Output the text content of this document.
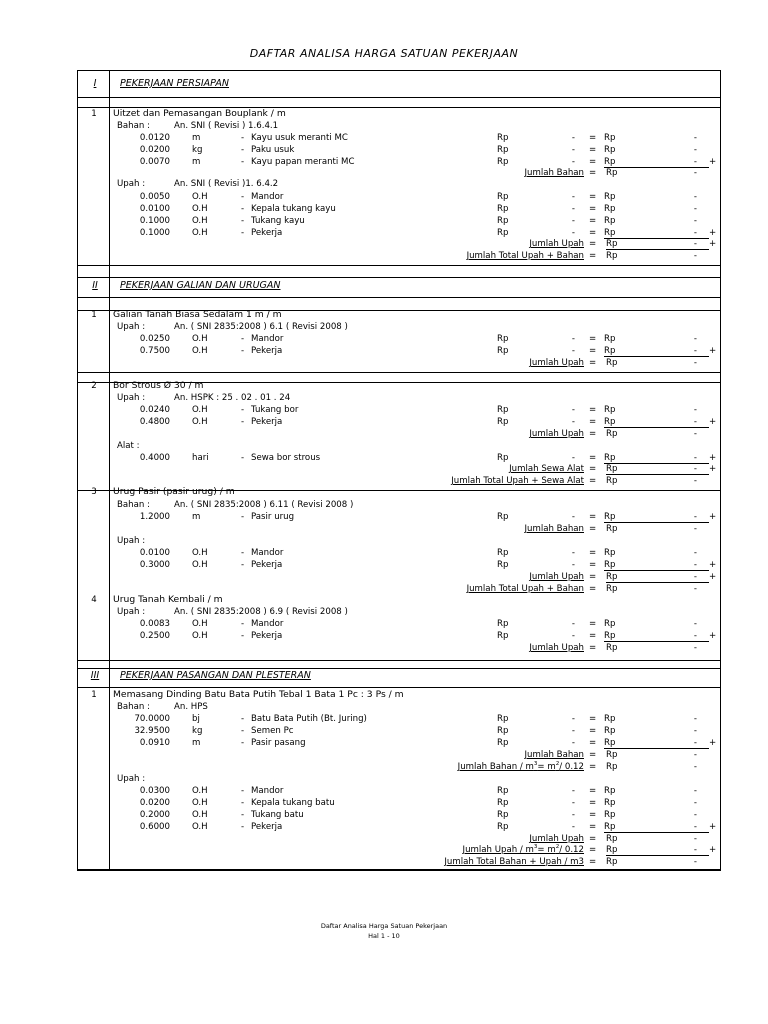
DAFTAR ANALISA HARGA SATUAN PEKERJAAN
I	PEKERJAAN PERSIAPAN
1	Uitzet dan Pemasangan Bouplank / m
Bahan :	An. SNI ( Revisi ) 1.6.4.1
0.0120	m	- Kayu usuk meranti MC	Rp	- = Rp	-
0.0200	kg	- Paku usuk	Rp	- = Rp	-
0.0070	m	- Kayu papan meranti MC	Rp	- = Rp	- +
Jumlah Bahan = Rp	-
Upah :	An. SNI ( Revisi )1. 6.4.2
0.0050	O.H	- Mandor	Rp	- = Rp	-
0.0100	O.H	- Kepala tukang kayu	Rp	- = Rp	-
0.1000	O.H	- Tukang kayu	Rp	- = Rp	-
0.1000	O.H	- Pekerja	Rp	- = Rp	- +
Jumlah Upah = Rp	- +
Jumlah Total Upah + Bahan = Rp	-
II	PEKERJAAN GALIAN DAN URUGAN
1	Galian Tanah Biasa Sedalam 1 m / m
Upah :	An. ( SNI 2835:2008 ) 6.1 ( Revisi 2008 )
0.0250	O.H	- Mandor	Rp	- = Rp	-
0.7500	O.H	- Pekerja	Rp	- = Rp	- +
Jumlah Upah = Rp	-
2	Bor Strous Ø 30 / m
Upah :	An. HSPK : 25 . 02 . 01 . 24
0.0240	O.H	- Tukang bor	Rp	- = Rp	-
0.4800	O.H	- Pekerja	Rp	- = Rp	- +
Jumlah Upah = Rp	-
Alat :
0.4000	hari	- Sewa bor strous	Rp	- = Rp	- +
Jumlah Sewa Alat = Rp	- +
Jumlah Total Upah + Sewa Alat = Rp	-
3	Urug Pasir (pasir urug) / m
Bahan :	An. ( SNI 2835:2008 ) 6.11 ( Revisi 2008 )
1.2000	m	- Pasir urug	Rp	- = Rp	- +
Jumlah Bahan = Rp	-
Upah :
0.0100	O.H	- Mandor	Rp	- = Rp	-
0.3000	O.H	- Pekerja	Rp	- = Rp	- +
Jumlah Upah = Rp	- +
Jumlah Total Upah + Bahan = Rp	-
4	Urug Tanah Kembali / m
Upah :	An. ( SNI 2835:2008 ) 6.9 ( Revisi 2008 )
0.0083	O.H	- Mandor	Rp	- = Rp	-
0.2500	O.H	- Pekerja	Rp	- = Rp	- +
Jumlah Upah = Rp	-
III	PEKERJAAN PASANGAN DAN PLESTERAN
1	Memasang Dinding Batu Bata Putih Tebal 1 Bata 1 Pc : 3 Ps / m
Bahan :	An. HPS
70.0000	bj	- Batu Bata Putih (Bt. Juring)	Rp	- = Rp	-
32.9500	kg	- Semen Pc	Rp	- = Rp	-
0.0910	m	- Pasir pasang	Rp	- = Rp	- +
Jumlah Bahan = Rp	-
Jumlah Bahan / $m^3= m^2/$ 0.12 = Rp	-
Upah :
0.0300	O.H	- Mandor	Rp	- = Rp	-
0.0200	O.H	- Kepala tukang batu	Rp	- = Rp	-
0.2000	O.H	- Tukang batu	Rp	- = Rp	-
0.6000	O.H	- Pekerja	Rp	- = Rp	- +
Jumlah Upah = Rp	-
Jumlah Upah / $m^3= m^2/$ 0.12 = Rp	- +
Jumlah Total Bahan + Upah / m3 = Rp	-
Daftar Analisa Harga Satuan Pekerjaan
Hal 1 - 10
